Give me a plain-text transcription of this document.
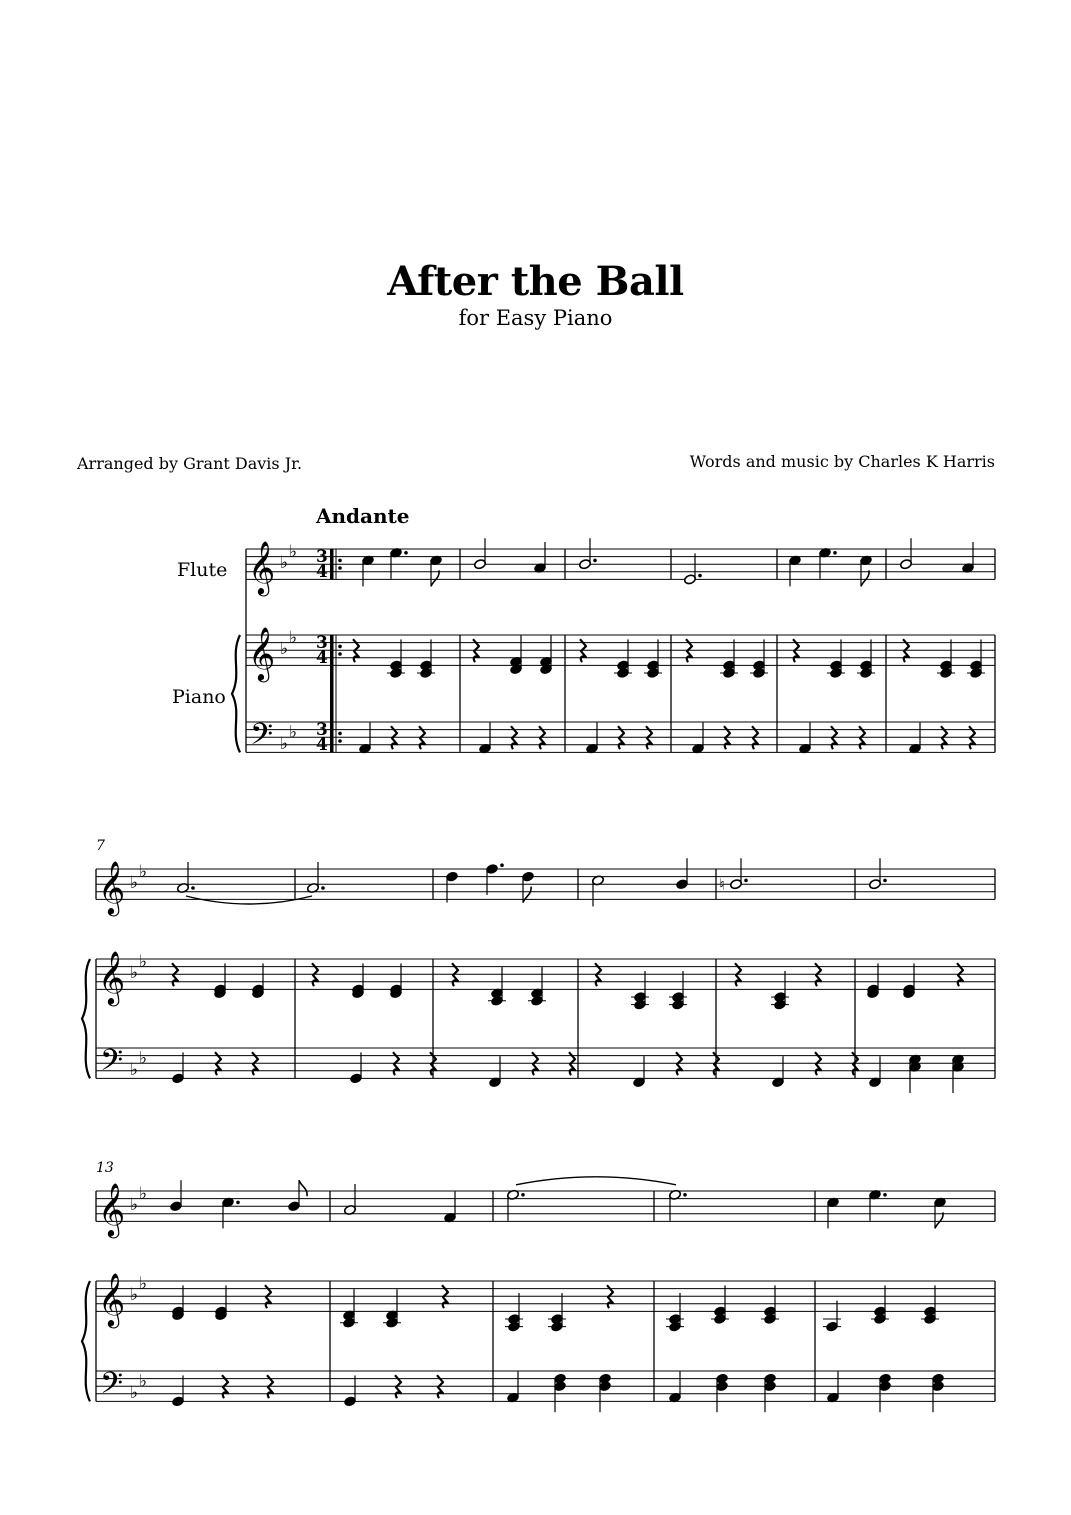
After the Ball
for Easy Piano
Arranged by Grant Davis Jr.	Words and music by Charles K Harris
Andante
Flute
Piano
7
13
𝄞 ♭
♭ 3
4
𝄞 ♭
♭ 3
4
𝄢 ♭
♭ 3
4
𝄞 ♭
♭
𝄞 ♭
♭
𝄢 ♭
♭
♮
𝄞 ♭
♭
𝄞 ♭
♭
𝄢 ♭
♭
